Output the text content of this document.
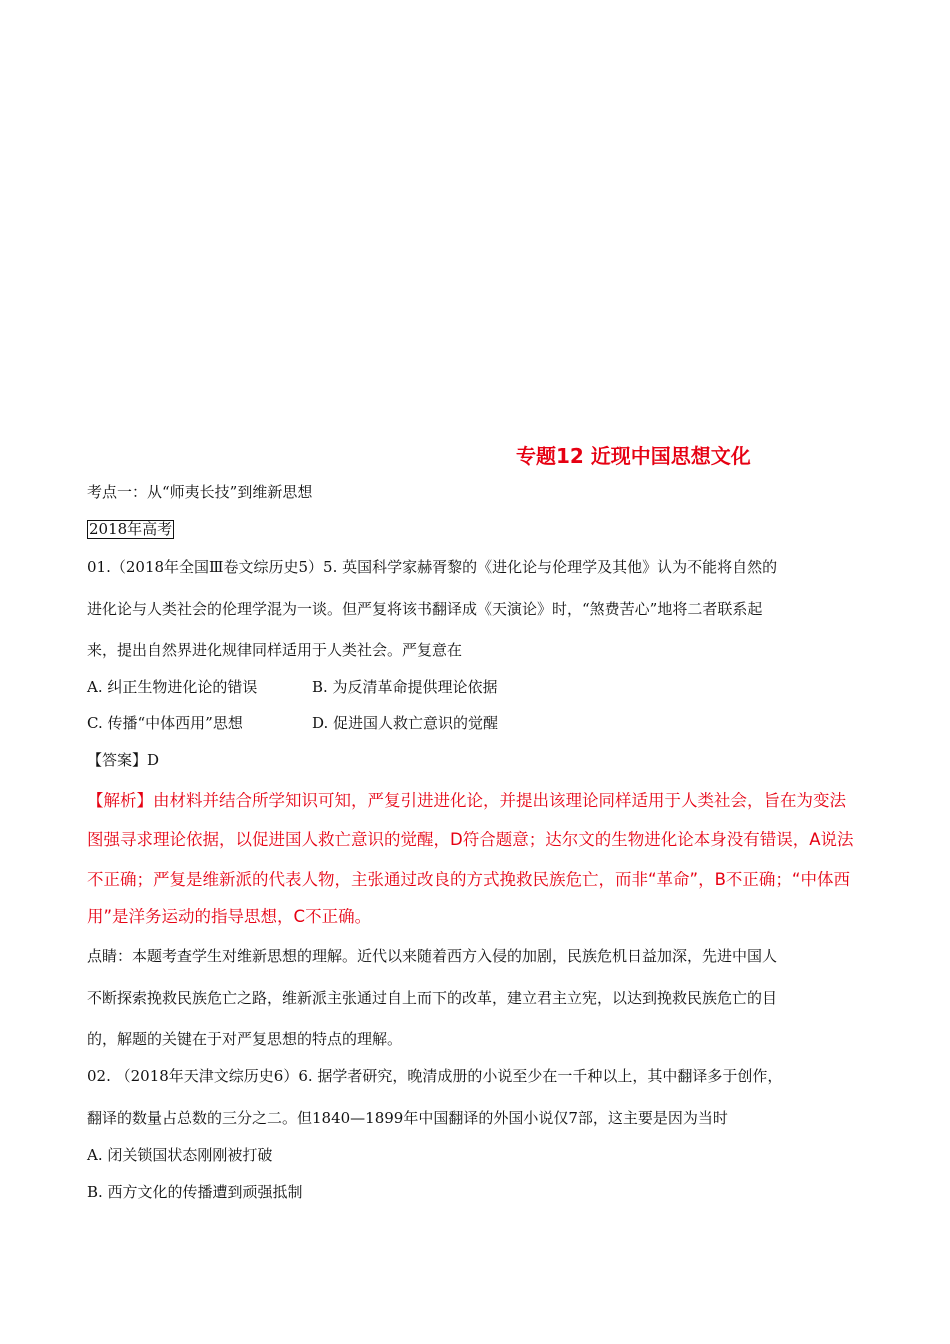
专题12 近现中国思想文化
考点一：从“师夷长技”到维新思想
2018年高考
01.（2018年全国Ⅲ卷文综历史5）5. 英国科学家赫胥黎的《进化论与伦理学及其他》认为不能将自然的
进化论与人类社会的伦理学混为一谈。但严复将该书翻译成《天演论》时，“煞费苦心”地将二者联系起
来，提出自然界进化规律同样适用于人类社会。严复意在
A. 纠正生物进化论的错误	B. 为反清革命提供理论依据
C. 传播“中体西用”思想	D. 促进国人救亡意识的觉醒
【答案】D
【解析】由材料并结合所学知识可知，严复引进进化论，并提出该理论同样适用于人类社会，旨在为变法
图强寻求理论依据，以促进国人救亡意识的觉醒，D符合题意；达尔文的生物进化论本身没有错误，A说法
不正确；严复是维新派的代表人物，主张通过改良的方式挽救民族危亡，而非“革命”，B不正确；“中体西
用”是洋务运动的指导思想，C不正确。
点睛：本题考查学生对维新思想的理解。近代以来随着西方入侵的加剧，民族危机日益加深，先进中国人
不断探索挽救民族危亡之路，维新派主张通过自上而下的改革，建立君主立宪，以达到挽救民族危亡的目
的，解题的关键在于对严复思想的特点的理解。
02. （2018年天津文综历史6）6. 据学者研究，晚清成册的小说至少在一千种以上，其中翻译多于创作，
翻译的数量占总数的三分之二。但1840—1899年中国翻译的外国小说仅7部，这主要是因为当时
A. 闭关锁国状态刚刚被打破
B. 西方文化的传播遭到顽强抵制
